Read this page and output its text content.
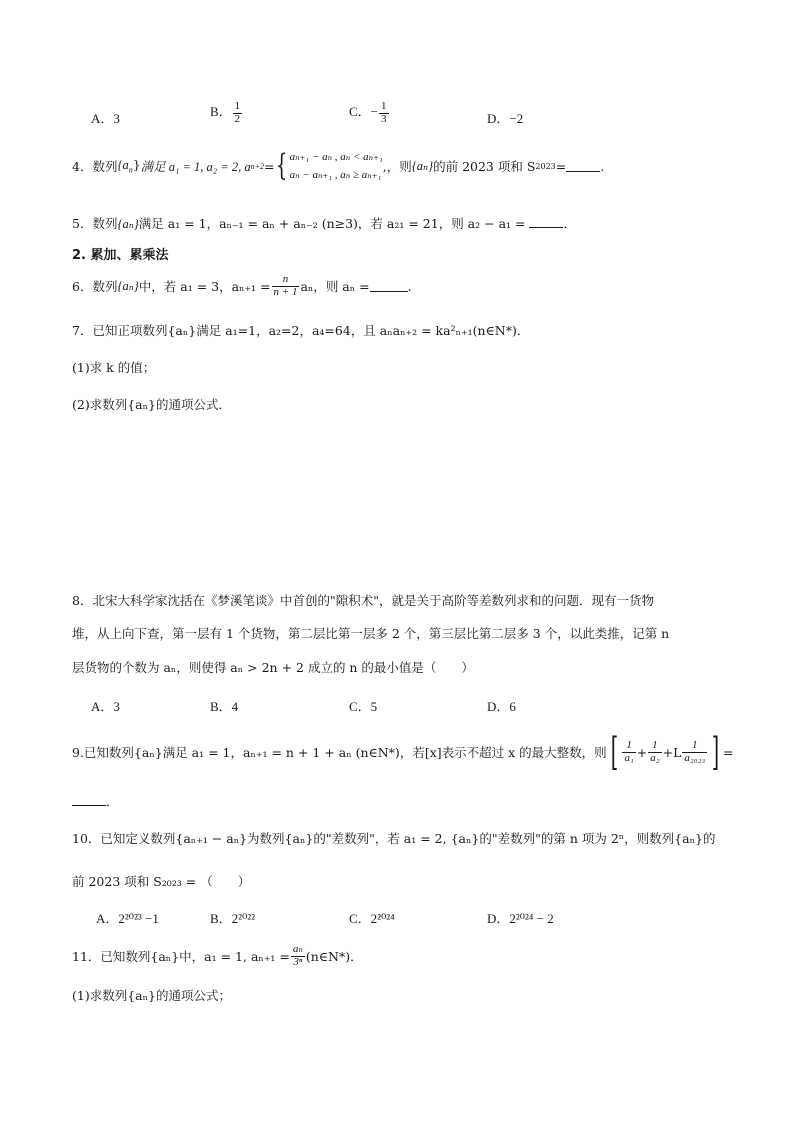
A．3	B． $\frac{1}{2}$	C．− $\frac{1}{3}$	D．−2
4．数列 $\{a_n\}$ 满足 a₁ = 1, a₂ = 2, a n+2 = { aₙ₊₁ − aₙ , aₙ < aₙ₊₁
aₙ − aₙ₊₁ , aₙ ≥ aₙ₊₁
,，则 {aₙ} 的前 2023 项和 S 2023 =	.
5．数列{aₙ}满足 a₁ = 1，aₙ₋₁ = aₙ + aₙ₋₂ (n≥3)，若 a₂₁ = 21，则 a₂ − a₁ =	．
2. 累加、累乘法
6．数列 {aₙ} 中，若 a₁ = 3，$a_{n+1} = \frac{n}{n + 1}$ aₙ，则 aₙ =	.
7．已知正项数列{aₙ}满足 a₁=1，a₂=2，a₄=64，且 aₙaₙ₊₂ = ka²ₙ₊₁(n∈N*)．
(1)求 k 的值；
(2)求数列{aₙ}的通项公式．
8．北宋大科学家沈括在《梦溪笔谈》中首创的"隙积术"，就是关于高阶等差数列求和的问题．现有一货物
堆，从上向下查，第一层有 1 个货物，第二层比第一层多 2 个，第三层比第二层多 3 个，以此类推，记第 n
层货物的个数为 aₙ，则使得 aₙ > 2n + 2 成立的 n 的最小值是（　　）
A．3	B．4	C．5	D．6
9.已知数列{aₙ}满足 a₁ = 1，aₙ₊₁ = n + 1 + aₙ (n∈N*)，若[x]表示不超过 x 的最大整数，则 [ $\frac{1}{\text{a₁}} + \frac{1}{\text{a₂}} +L \frac{1}{\text{a₂₀₂₃}}$ ] =
．
10．已知定义数列{aₙ₊₁ − aₙ}为数列{aₙ}的"差数列"，若 a₁ = 2, {aₙ}的"差数列"的第 n 项为 2ⁿ，则数列{aₙ}的
前 2023 项和 S₂₀₂₃ = （　　）
A．2²⁰²³ −1	B．2²⁰²²	C．2²⁰²⁴	D．2²⁰²⁴ − 2
11．已知数列{aₙ}中，a₁ = 1, $a_{n+1} = \frac{\text{aₙ}}{\text{3ⁿ}}$ (n∈N*)．
(1)求数列{aₙ}的通项公式；
